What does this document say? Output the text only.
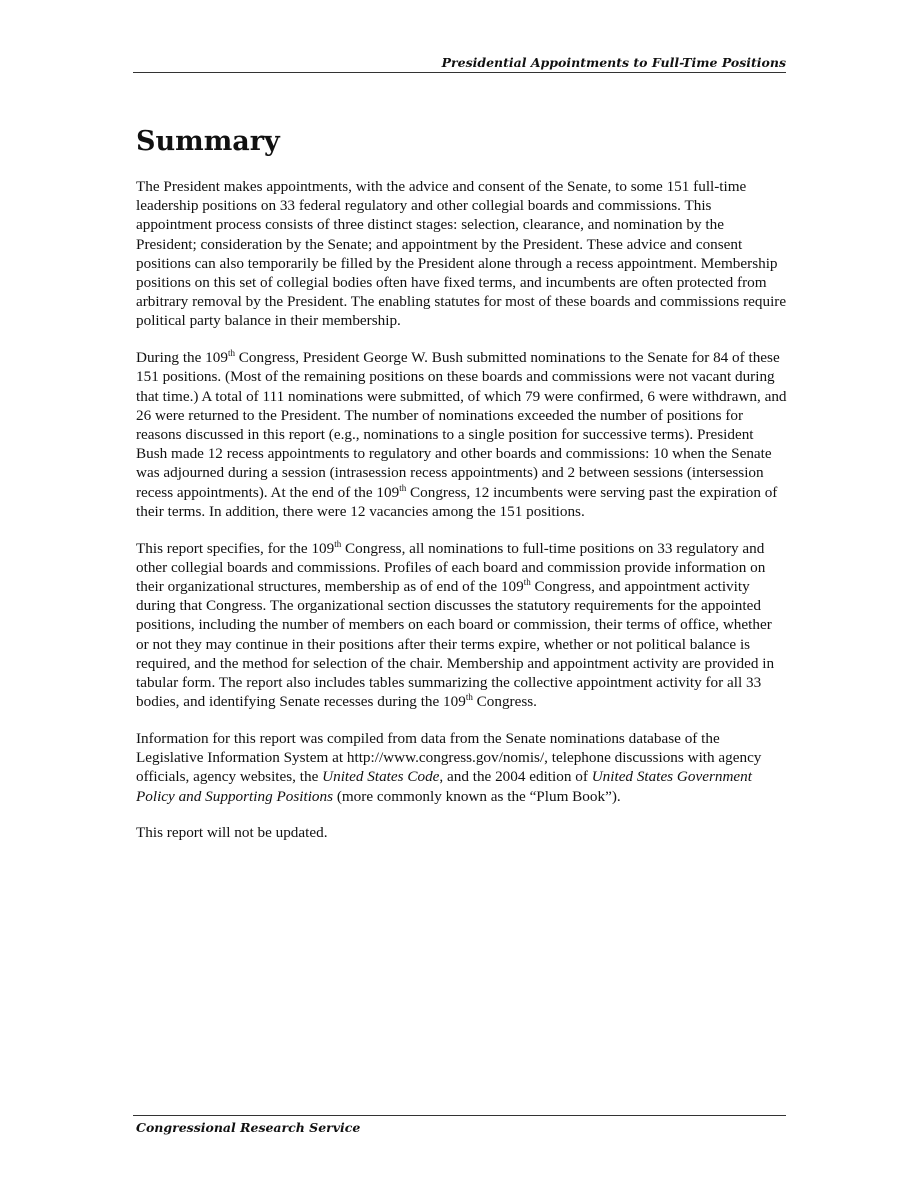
Presidential Appointments to Full-Time Positions
Summary

The President makes appointments, with the advice and consent of the Senate, to some 151 full-time leadership positions on 33 federal regulatory and other collegial boards and commissions. This appointment process consists of three distinct stages: selection, clearance, and nomination by the President; consideration by the Senate; and appointment by the President. These advice and consent positions can also temporarily be filled by the President alone through a recess appointment. Membership positions on this set of collegial bodies often have fixed terms, and incumbents are often protected from arbitrary removal by the President. The enabling statutes for most of these boards and commissions require political party balance in their membership.

During the 109th Congress, President George W. Bush submitted nominations to the Senate for 84 of these 151 positions. (Most of the remaining positions on these boards and commissions were not vacant during that time.) A total of 111 nominations were submitted, of which 79 were confirmed, 6 were withdrawn, and 26 were returned to the President. The number of nominations exceeded the number of positions for reasons discussed in this report (e.g., nominations to a single position for successive terms). President Bush made 12 recess appointments to regulatory and other boards and commissions: 10 when the Senate was adjourned during a session (intrasession recess appointments) and 2 between sessions (intersession recess appointments). At the end of the 109th Congress, 12 incumbents were serving past the expiration of their terms. In addition, there were 12 vacancies among the 151 positions.

This report specifies, for the 109th Congress, all nominations to full-time positions on 33 regulatory and other collegial boards and commissions. Profiles of each board and commission provide information on their organizational structures, membership as of end of the 109th Congress, and appointment activity during that Congress. The organizational section discusses the statutory requirements for the appointed positions, including the number of members on each board or commission, their terms of office, whether or not they may continue in their positions after their terms expire, whether or not political balance is required, and the method for selection of the chair. Membership and appointment activity are provided in tabular form. The report also includes tables summarizing the collective appointment activity for all 33 bodies, and identifying Senate recesses during the 109th Congress.

Information for this report was compiled from data from the Senate nominations database of the Legislative Information System at http://www.congress.gov/nomis/, telephone discussions with agency officials, agency websites, the United States Code, and the 2004 edition of United States Government Policy and Supporting Positions (more commonly known as the “Plum Book”).

This report will not be updated.

Congressional Research Service
